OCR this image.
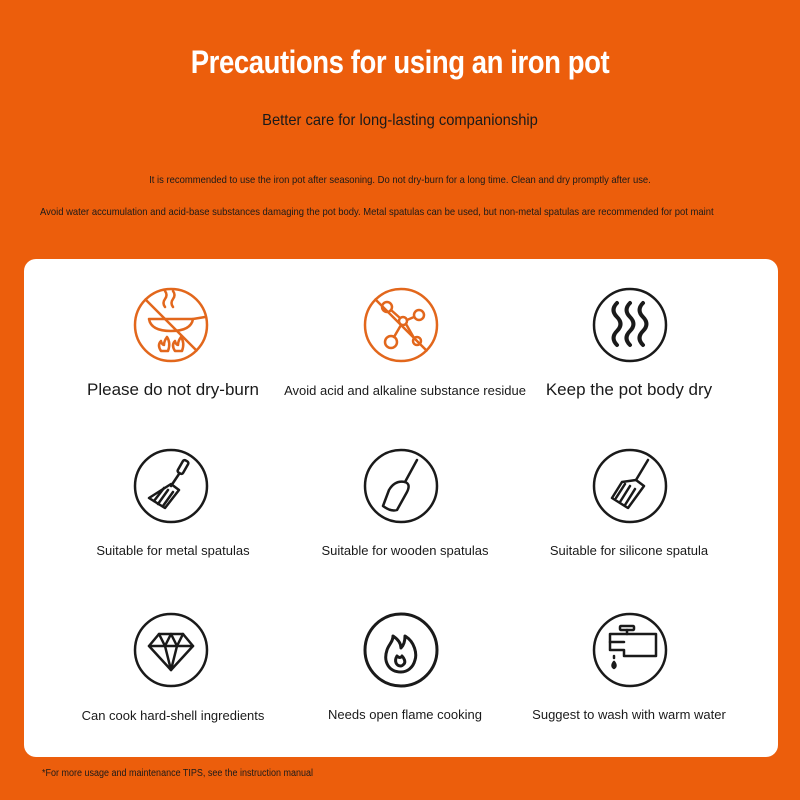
Precautions for using an iron pot
Better care for long-lasting companionship
It is recommended to use the iron pot after seasoning. Do not dry-burn for a long time. Clean and dry promptly after use.
Avoid water accumulation and acid-base substances damaging the pot body. Metal spatulas can be used, but non-metal spatulas are recommended for pot maint
Please do not dry-burn	Avoid acid and alkaline substance residue	Keep the pot body dry
Suitable for metal spatulas	Suitable for wooden spatulas	Suitable for silicone spatula
Can cook hard-shell ingredients	Needs open flame cooking	Suggest to wash with warm water
*For more usage and maintenance TIPS, see the instruction manual
